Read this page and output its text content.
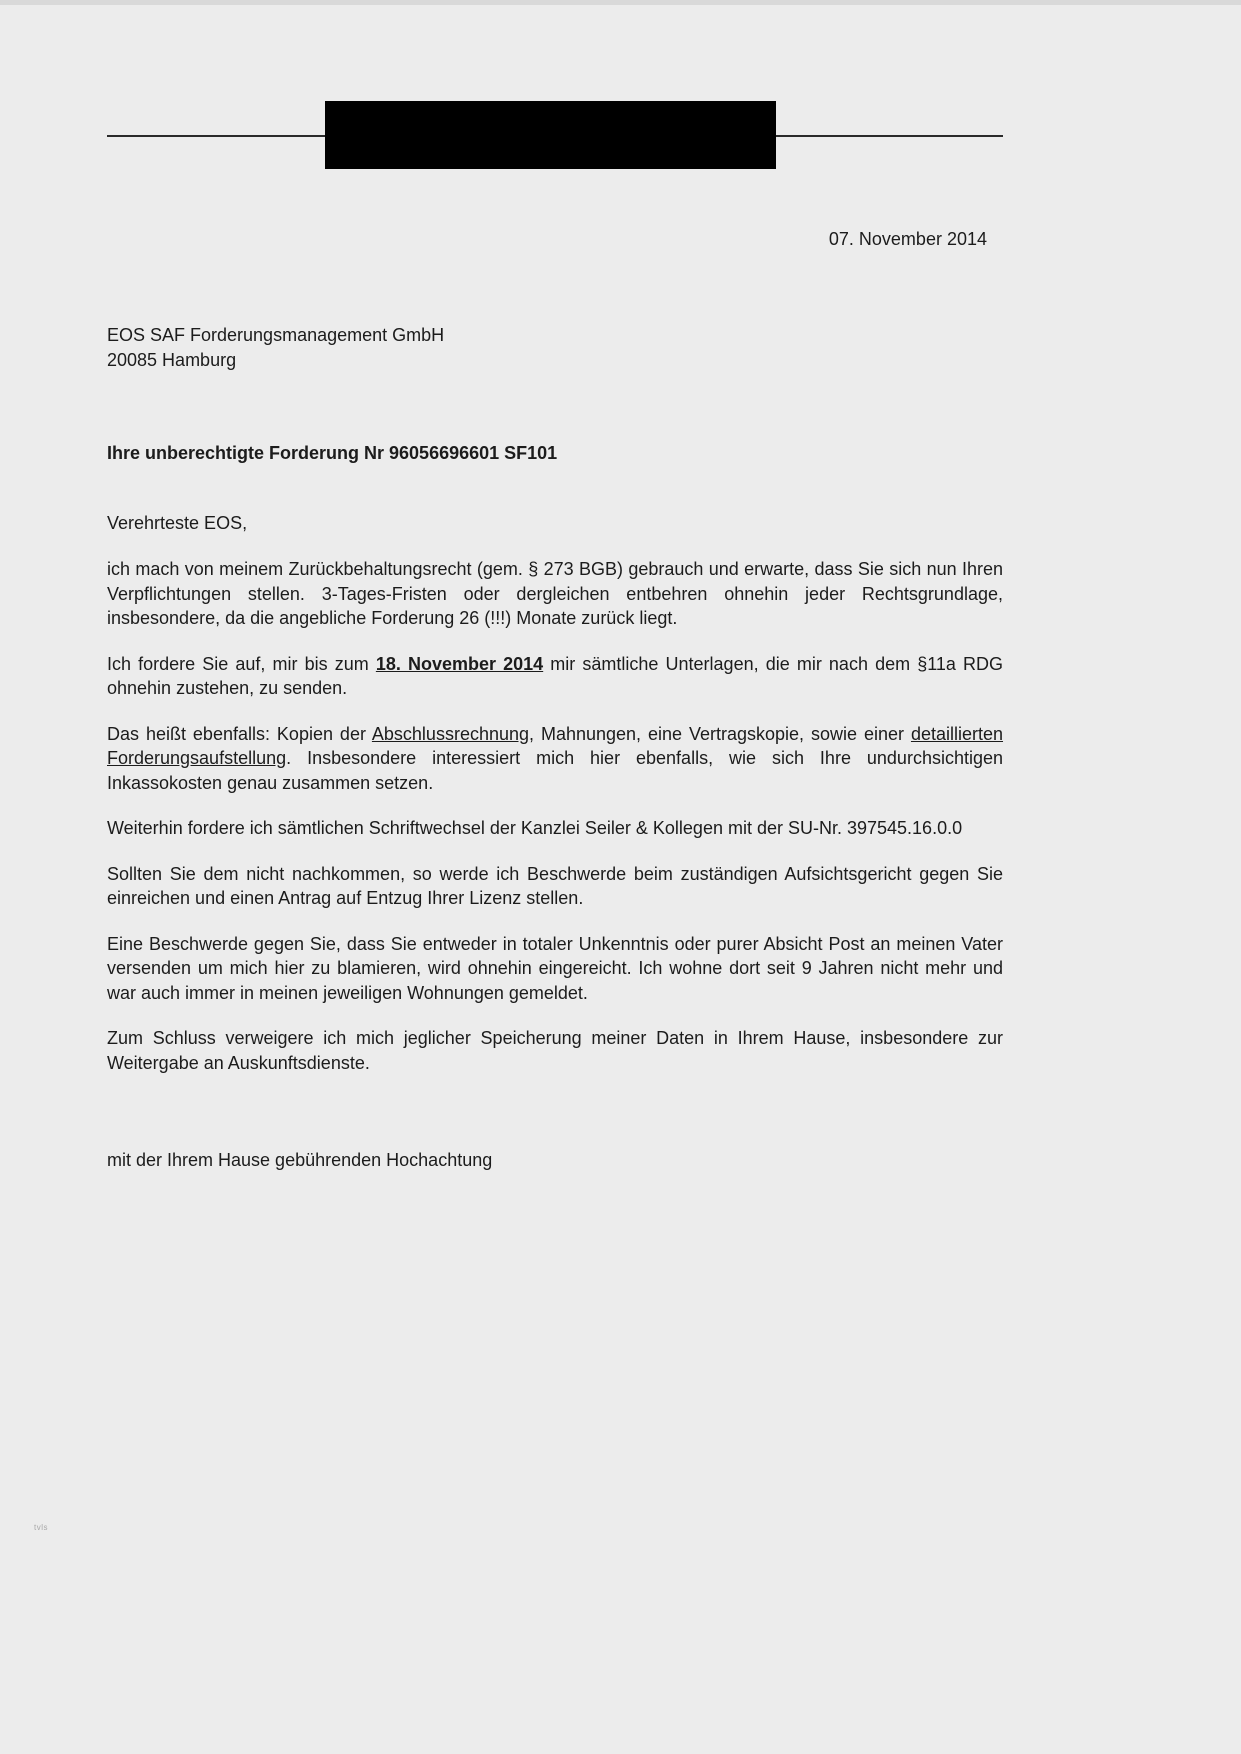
07. November 2014
EOS SAF Forderungsmanagement GmbH
20085 Hamburg
Ihre unberechtigte Forderung Nr 96056696601 SF101
Verehrteste EOS,

ich mach von meinem Zurückbehaltungsrecht (gem. § 273 BGB) gebrauch und erwarte, dass Sie sich nun Ihren Verpflichtungen stellen. 3-Tages-Fristen oder dergleichen entbehren ohnehin jeder Rechtsgrundlage, insbesondere, da die angebliche Forderung 26 (!!!) Monate zurück liegt.

Ich fordere Sie auf, mir bis zum 18. November 2014 mir sämtliche Unterlagen, die mir nach dem §11a RDG ohnehin zustehen, zu senden.

Das heißt ebenfalls: Kopien der Abschlussrechnung, Mahnungen, eine Vertragskopie, sowie einer detaillierten Forderungsaufstellung. Insbesondere interessiert mich hier ebenfalls, wie sich Ihre undurchsichtigen Inkassokosten genau zusammen setzen.

Weiterhin fordere ich sämtlichen Schriftwechsel der Kanzlei Seiler & Kollegen mit der SU-Nr. 397545.16.0.0

Sollten Sie dem nicht nachkommen, so werde ich Beschwerde beim zuständigen Aufsichtsgericht gegen Sie einreichen und einen Antrag auf Entzug Ihrer Lizenz stellen.

Eine Beschwerde gegen Sie, dass Sie entweder in totaler Unkenntnis oder purer Absicht Post an meinen Vater versenden um mich hier zu blamieren, wird ohnehin eingereicht. Ich wohne dort seit 9 Jahren nicht mehr und war auch immer in meinen jeweiligen Wohnungen gemeldet.

Zum Schluss verweigere ich mich jeglicher Speicherung meiner Daten in Ihrem Hause, insbesondere zur Weitergabe an Auskunftsdienste.

mit der Ihrem Hause gebührenden Hochachtung
tvls
